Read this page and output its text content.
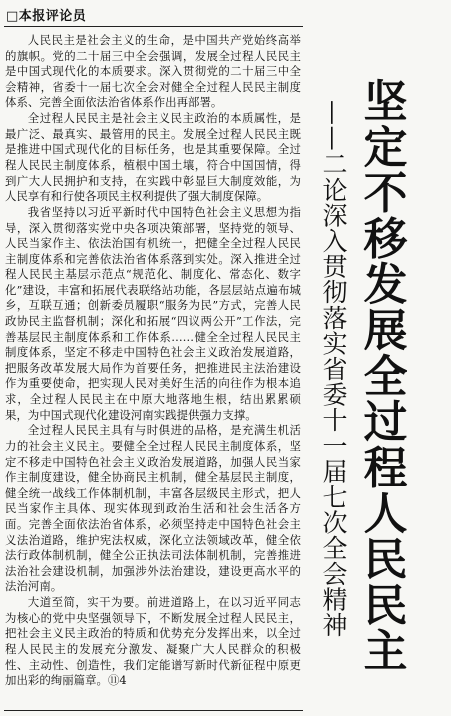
□本报评论员

人民民主是社会主义的生命，是中国共产党始终高举的旗帜。党的二十届三中全会强调，发展全过程人民民主是中国式现代化的本质要求。深入贯彻党的二十届三中全会精神，省委十一届七次全会对健全全过程人民民主制度体系、完善全面依法治省体系作出再部署。

全过程人民民主是社会主义民主政治的本质属性，是最广泛、最真实、最管用的民主。发展全过程人民民主既是推进中国式现代化的目标任务，也是其重要保障。全过程人民民主制度体系，植根中国土壤，符合中国国情，得到广大人民拥护和支持，在实践中彰显巨大制度效能，为人民享有和行使各项民主权利提供了强大制度保障。

我省坚持以习近平新时代中国特色社会主义思想为指导，深入贯彻落实党中央各项决策部署，坚持党的领导、人民当家作主、依法治国有机统一，把健全全过程人民民主制度体系和完善依法治省体系落到实处。深入推进全过程人民民主基层示范点“规范化、制度化、常态化、数字化”建设，丰富和拓展代表联络站功能，各层层站点遍布城乡，互联互通；创新委员履职“服务为民”方式，完善人民政协民主监督机制；深化和拓展“四议两公开”工作法，完善基层民主制度体系和工作体系……健全全过程人民民主制度体系，坚定不移走中国特色社会主义政治发展道路，把服务改革发展大局作为首要任务，把推进民主法治建设作为重要使命，把实现人民对美好生活的向往作为根本追求，全过程人民民主在中原大地落地生根，结出累累硕果，为中国式现代化建设河南实践提供强力支撑。

全过程人民民主具有与时俱进的品格，是充满生机活力的社会主义民主。要健全全过程人民民主制度体系，坚定不移走中国特色社会主义政治发展道路，加强人民当家作主制度建设，健全协商民主机制，健全基层民主制度，健全统一战线工作体制机制，丰富各层级民主形式，把人民当家作主具体、现实体现到政治生活和社会生活各方面。完善全面依法治省体系，必须坚持走中国特色社会主义法治道路，维护宪法权威，深化立法领域改革，健全依法行政体制机制，健全公正执法司法体制机制，完善推进法治社会建设机制，加强涉外法治建设，建设更高水平的法治河南。

大道至简，实干为要。前进道路上，在以习近平同志为核心的党中央坚强领导下，不断发展全过程人民民主，把社会主义民主政治的特质和优势充分发挥出来，以全过程人民民主的发展充分激发、凝聚广大人民群众的积极性、主动性、创造性，我们定能谱写新时代新征程中原更加出彩的绚丽篇章。⑪4

坚定不移发展全过程人民民主
——二论深入贯彻落实省委十一届七次全会精神
